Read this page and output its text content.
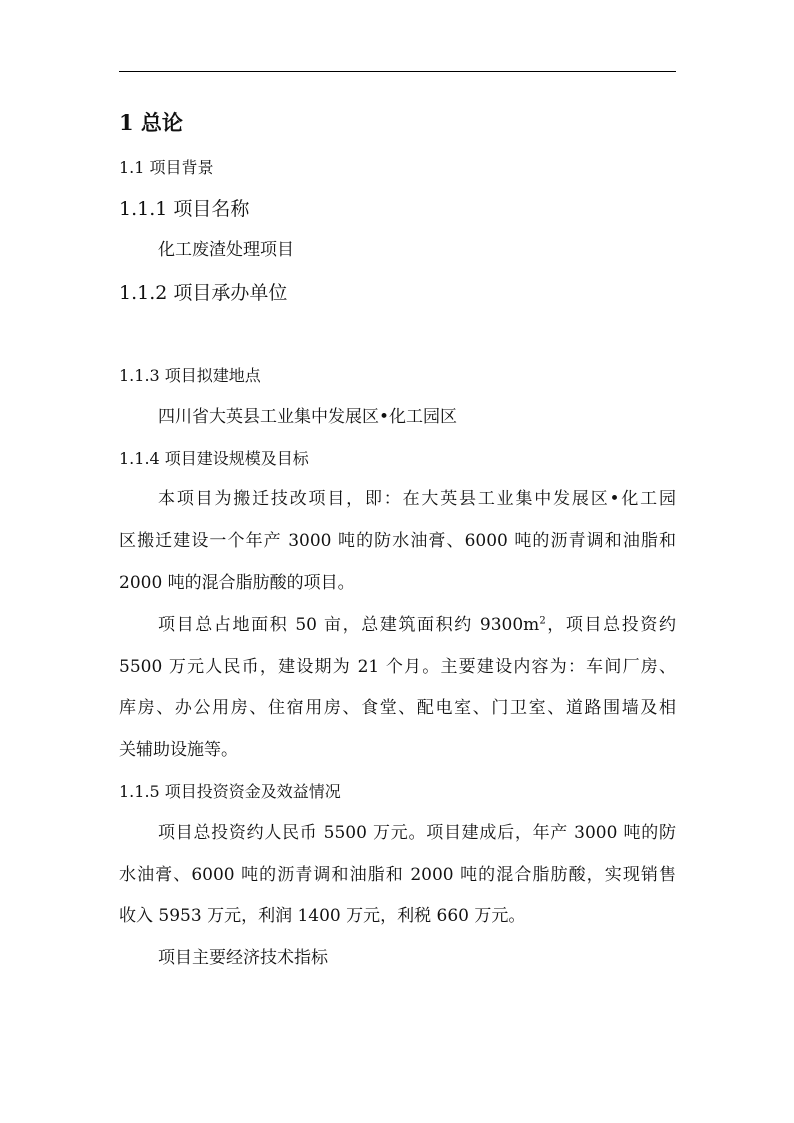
1 总论
1.1 项目背景
1.1.1 项目名称
化工废渣处理项目
1.1.2 项目承办单位
1.1.3 项目拟建地点
四川省大英县工业集中发展区•化工园区
1.1.4 项目建设规模及目标
本项目为搬迁技改项目，即：在大英县工业集中发展区•化工园
区搬迁建设一个年产 3000 吨的防水油膏、6000 吨的沥青调和油脂和
2000 吨的混合脂肪酸的项目。
项目总占地面积 50 亩，总建筑面积约 $9300m^2$，项目总投资约
5500 万元人民币，建设期为 21 个月。主要建设内容为：车间厂房、
库房、办公用房、住宿用房、食堂、配电室、门卫室、道路围墙及相
关辅助设施等。
1.1.5 项目投资资金及效益情况
项目总投资约人民币 5500 万元。项目建成后，年产 3000 吨的防
水油膏、6000 吨的沥青调和油脂和 2000 吨的混合脂肪酸，实现销售
收入 5953 万元，利润 1400 万元，利税 660 万元。
项目主要经济技术指标
